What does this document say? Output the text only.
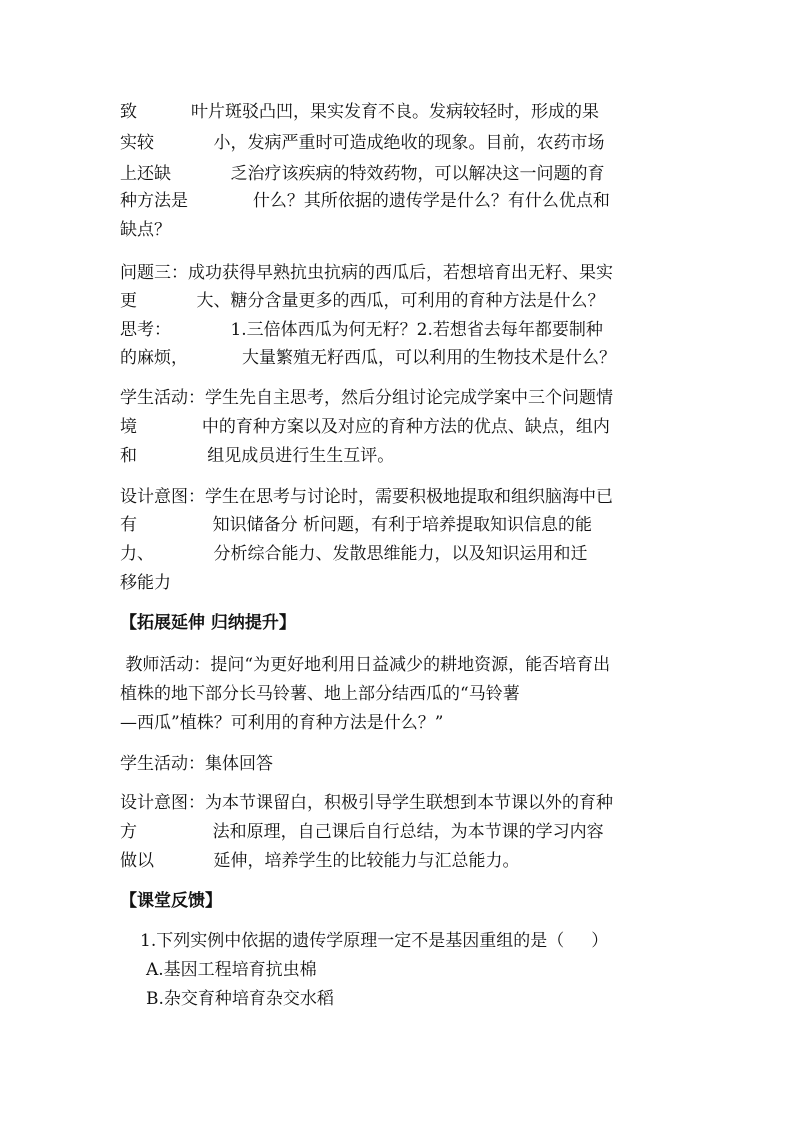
致          叶片斑驳凸凹，果实发育不良。发病较轻时，形成的果
实较           小，发病严重时可造成绝收的现象。目前，农药市场
上还缺           乏治疗该疾病的特效药物，可以解决这一问题的育
种方法是            什么？其所依据的遗传学是什么？有什么优点和
缺点？
问题三：成功获得早熟抗虫抗病的西瓜后，若想培育出无籽、果实
更           大、糖分含量更多的西瓜，可利用的育种方法是什么？
思考：           1.三倍体西瓜为何无籽？2.若想省去每年都要制种
的麻烦，          大量繁殖无籽西瓜，可以利用的生物技术是什么？
学生活动：学生先自主思考，然后分组讨论完成学案中三个问题情
境            中的育种方案以及对应的育种方法的优点、缺点，组内
和             组见成员进行生生互评。
设计意图：学生在思考与讨论时，需要积极地提取和组织脑海中已
有              知识储备分 析问题，有利于培养提取知识信息的能
力、           分析综合能力、发散思维能力，以及知识运用和迁
移能力
【拓展延伸 归纳提升】
教师活动：提问“为更好地利用日益减少的耕地资源，能否培育出
植株的地下部分长马铃薯、地上部分结西瓜的“马铃薯
—西瓜”植株？可利用的育种方法是什么？”
学生活动：集体回答
设计意图：为本节课留白，积极引导学生联想到本节课以外的育种
方              法和原理，自己课后自行总结，为本节课的学习内容
做以           延伸，培养学生的比较能力与汇总能力。
【课堂反馈】
1.下列实例中依据的遗传学原理一定不是基因重组的是（     ）
A.基因工程培育抗虫棉
B.杂交育种培育杂交水稻
